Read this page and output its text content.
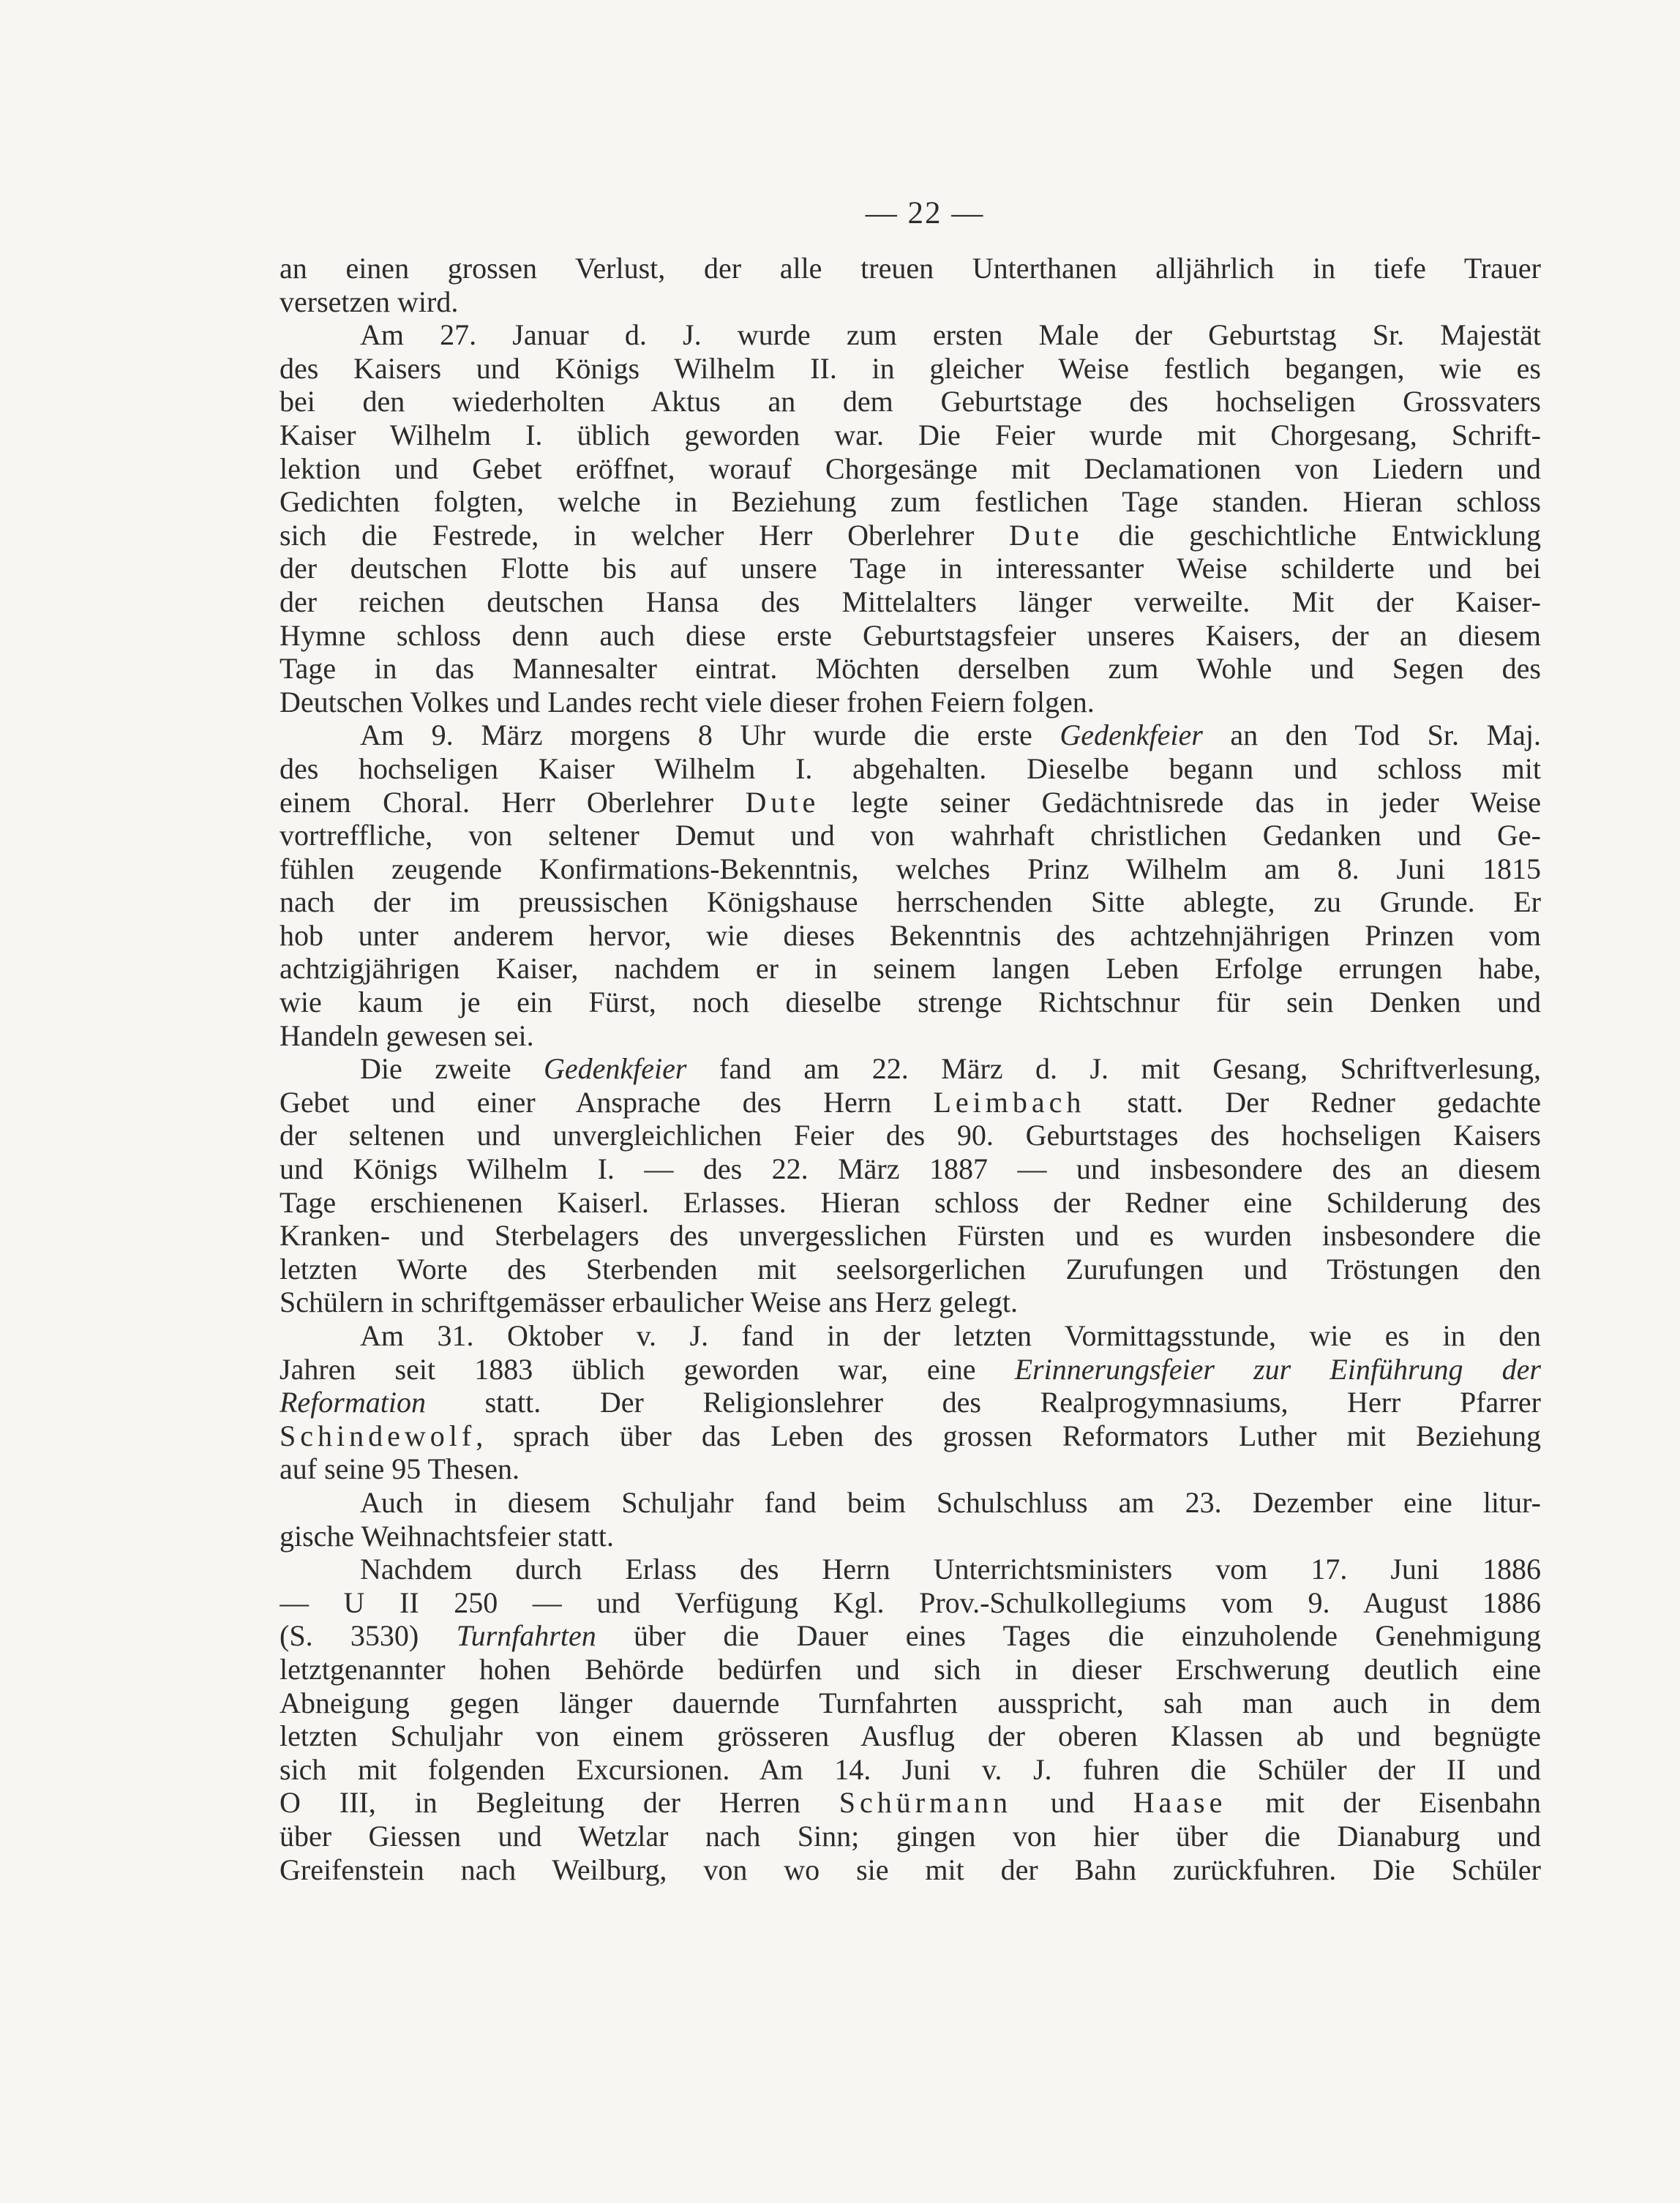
— 22 —
an einen grossen Verlust, der alle treuen Unterthanen alljährlich in tiefe Trauer
versetzen wird.
Am 27. Januar d. J. wurde zum ersten Male der Geburtstag Sr. Majestät
des Kaisers und Königs Wilhelm II. in gleicher Weise festlich begangen, wie es
bei den wiederholten Aktus an dem Geburtstage des hochseligen Grossvaters
Kaiser Wilhelm I. üblich geworden war. Die Feier wurde mit Chorgesang, Schrift-
lektion und Gebet eröffnet, worauf Chorgesänge mit Declamationen von Liedern und
Gedichten folgten, welche in Beziehung zum festlichen Tage standen. Hieran schloss
sich die Festrede, in welcher Herr Oberlehrer Dute die geschichtliche Entwicklung
der deutschen Flotte bis auf unsere Tage in interessanter Weise schilderte und bei
der reichen deutschen Hansa des Mittelalters länger verweilte. Mit der Kaiser-
Hymne schloss denn auch diese erste Geburtstagsfeier unseres Kaisers, der an diesem
Tage in das Mannesalter eintrat. Möchten derselben zum Wohle und Segen des
Deutschen Volkes und Landes recht viele dieser frohen Feiern folgen.
Am 9. März morgens 8 Uhr wurde die erste Gedenkfeier an den Tod Sr. Maj.
des hochseligen Kaiser Wilhelm I. abgehalten. Dieselbe begann und schloss mit
einem Choral. Herr Oberlehrer Dute legte seiner Gedächtnisrede das in jeder Weise
vortreffliche, von seltener Demut und von wahrhaft christlichen Gedanken und Ge-
fühlen zeugende Konfirmations-Bekenntnis, welches Prinz Wilhelm am 8. Juni 1815
nach der im preussischen Königshause herrschenden Sitte ablegte, zu Grunde. Er
hob unter anderem hervor, wie dieses Bekenntnis des achtzehnjährigen Prinzen vom
achtzigjährigen Kaiser, nachdem er in seinem langen Leben Erfolge errungen habe,
wie kaum je ein Fürst, noch dieselbe strenge Richtschnur für sein Denken und
Handeln gewesen sei.
Die zweite Gedenkfeier fand am 22. März d. J. mit Gesang, Schriftverlesung,
Gebet und einer Ansprache des Herrn Leimbach statt. Der Redner gedachte
der seltenen und unvergleichlichen Feier des 90. Geburtstages des hochseligen Kaisers
und Königs Wilhelm I. — des 22. März 1887 — und insbesondere des an diesem
Tage erschienenen Kaiserl. Erlasses. Hieran schloss der Redner eine Schilderung des
Kranken- und Sterbelagers des unvergesslichen Fürsten und es wurden insbesondere die
letzten Worte des Sterbenden mit seelsorgerlichen Zurufungen und Tröstungen den
Schülern in schriftgemässer erbaulicher Weise ans Herz gelegt.
Am 31. Oktober v. J. fand in der letzten Vormittagsstunde, wie es in den
Jahren seit 1883 üblich geworden war, eine Erinnerungsfeier zur Einführung der
Reformation statt. Der Religionslehrer des Realprogymnasiums, Herr Pfarrer
Schindewolf, sprach über das Leben des grossen Reformators Luther mit Beziehung
auf seine 95 Thesen.
Auch in diesem Schuljahr fand beim Schulschluss am 23. Dezember eine litur-
gische Weihnachtsfeier statt.
Nachdem durch Erlass des Herrn Unterrichtsministers vom 17. Juni 1886
— U II 250 — und Verfügung Kgl. Prov.-Schulkollegiums vom 9. August 1886
(S. 3530) Turnfahrten über die Dauer eines Tages die einzuholende Genehmigung
letztgenannter hohen Behörde bedürfen und sich in dieser Erschwerung deutlich eine
Abneigung gegen länger dauernde Turnfahrten ausspricht, sah man auch in dem
letzten Schuljahr von einem grösseren Ausflug der oberen Klassen ab und begnügte
sich mit folgenden Excursionen. Am 14. Juni v. J. fuhren die Schüler der II und
O III, in Begleitung der Herren Schürmann und Haase mit der Eisenbahn
über Giessen und Wetzlar nach Sinn; gingen von hier über die Dianaburg und
Greifenstein nach Weilburg, von wo sie mit der Bahn zurückfuhren. Die Schüler
